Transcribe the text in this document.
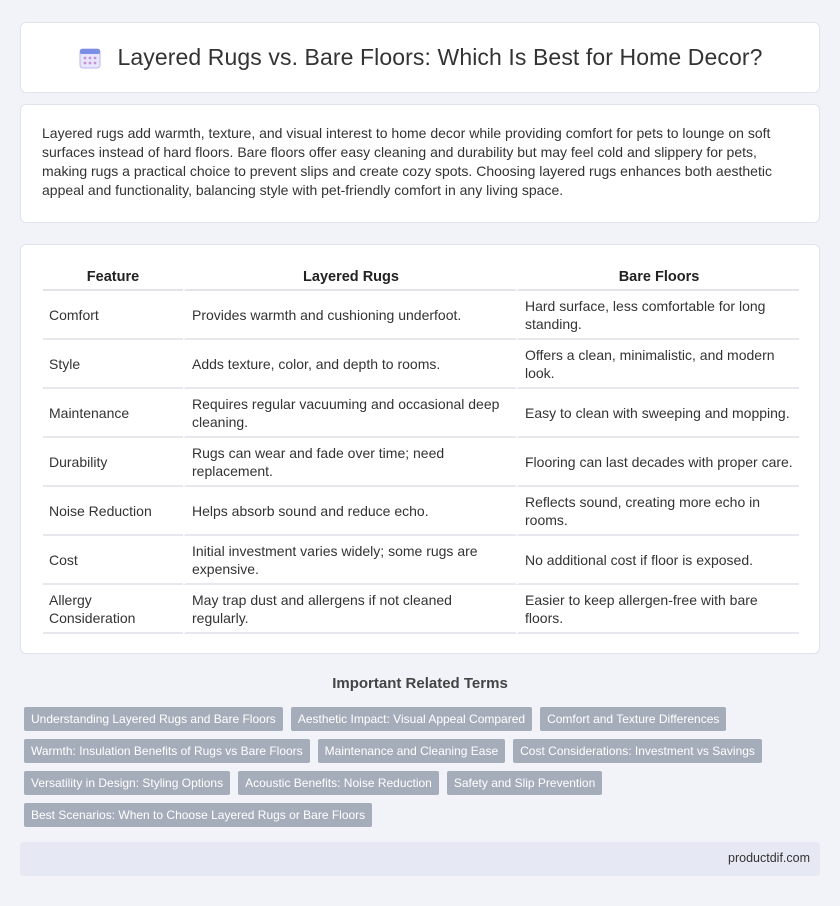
Layered Rugs vs. Bare Floors: Which Is Best for Home Decor?

Layered rugs add warmth, texture, and visual interest to home decor while providing comfort for pets to lounge on soft surfaces instead of hard floors. Bare floors offer easy cleaning and durability but may feel cold and slippery for pets, making rugs a practical choice to prevent slips and create cozy spots. Choosing layered rugs enhances both aesthetic appeal and functionality, balancing style with pet-friendly comfort in any living space.

Feature	Layered Rugs	Bare Floors
Comfort	Provides warmth and cushioning underfoot.	Hard surface, less comfortable for long standing.
Style	Adds texture, color, and depth to rooms.	Offers a clean, minimalistic, and modern look.
Maintenance	Requires regular vacuuming and occasional deep cleaning.	Easy to clean with sweeping and mopping.
Durability	Rugs can wear and fade over time; need replacement.	Flooring can last decades with proper care.
Noise Reduction	Helps absorb sound and reduce echo.	Reflects sound, creating more echo in rooms.
Cost	Initial investment varies widely; some rugs are expensive.	No additional cost if floor is exposed.
Allergy Consideration	May trap dust and allergens if not cleaned regularly.	Easier to keep allergen-free with bare floors.
Important Related Terms
Understanding Layered Rugs and Bare Floors	Aesthetic Impact: Visual Appeal Compared	Comfort and Texture Differences
Warmth: Insulation Benefits of Rugs vs Bare Floors	Maintenance and Cleaning Ease	Cost Considerations: Investment vs Savings
Versatility in Design: Styling Options	Acoustic Benefits: Noise Reduction	Safety and Slip Prevention
Best Scenarios: When to Choose Layered Rugs or Bare Floors
productdif.com
